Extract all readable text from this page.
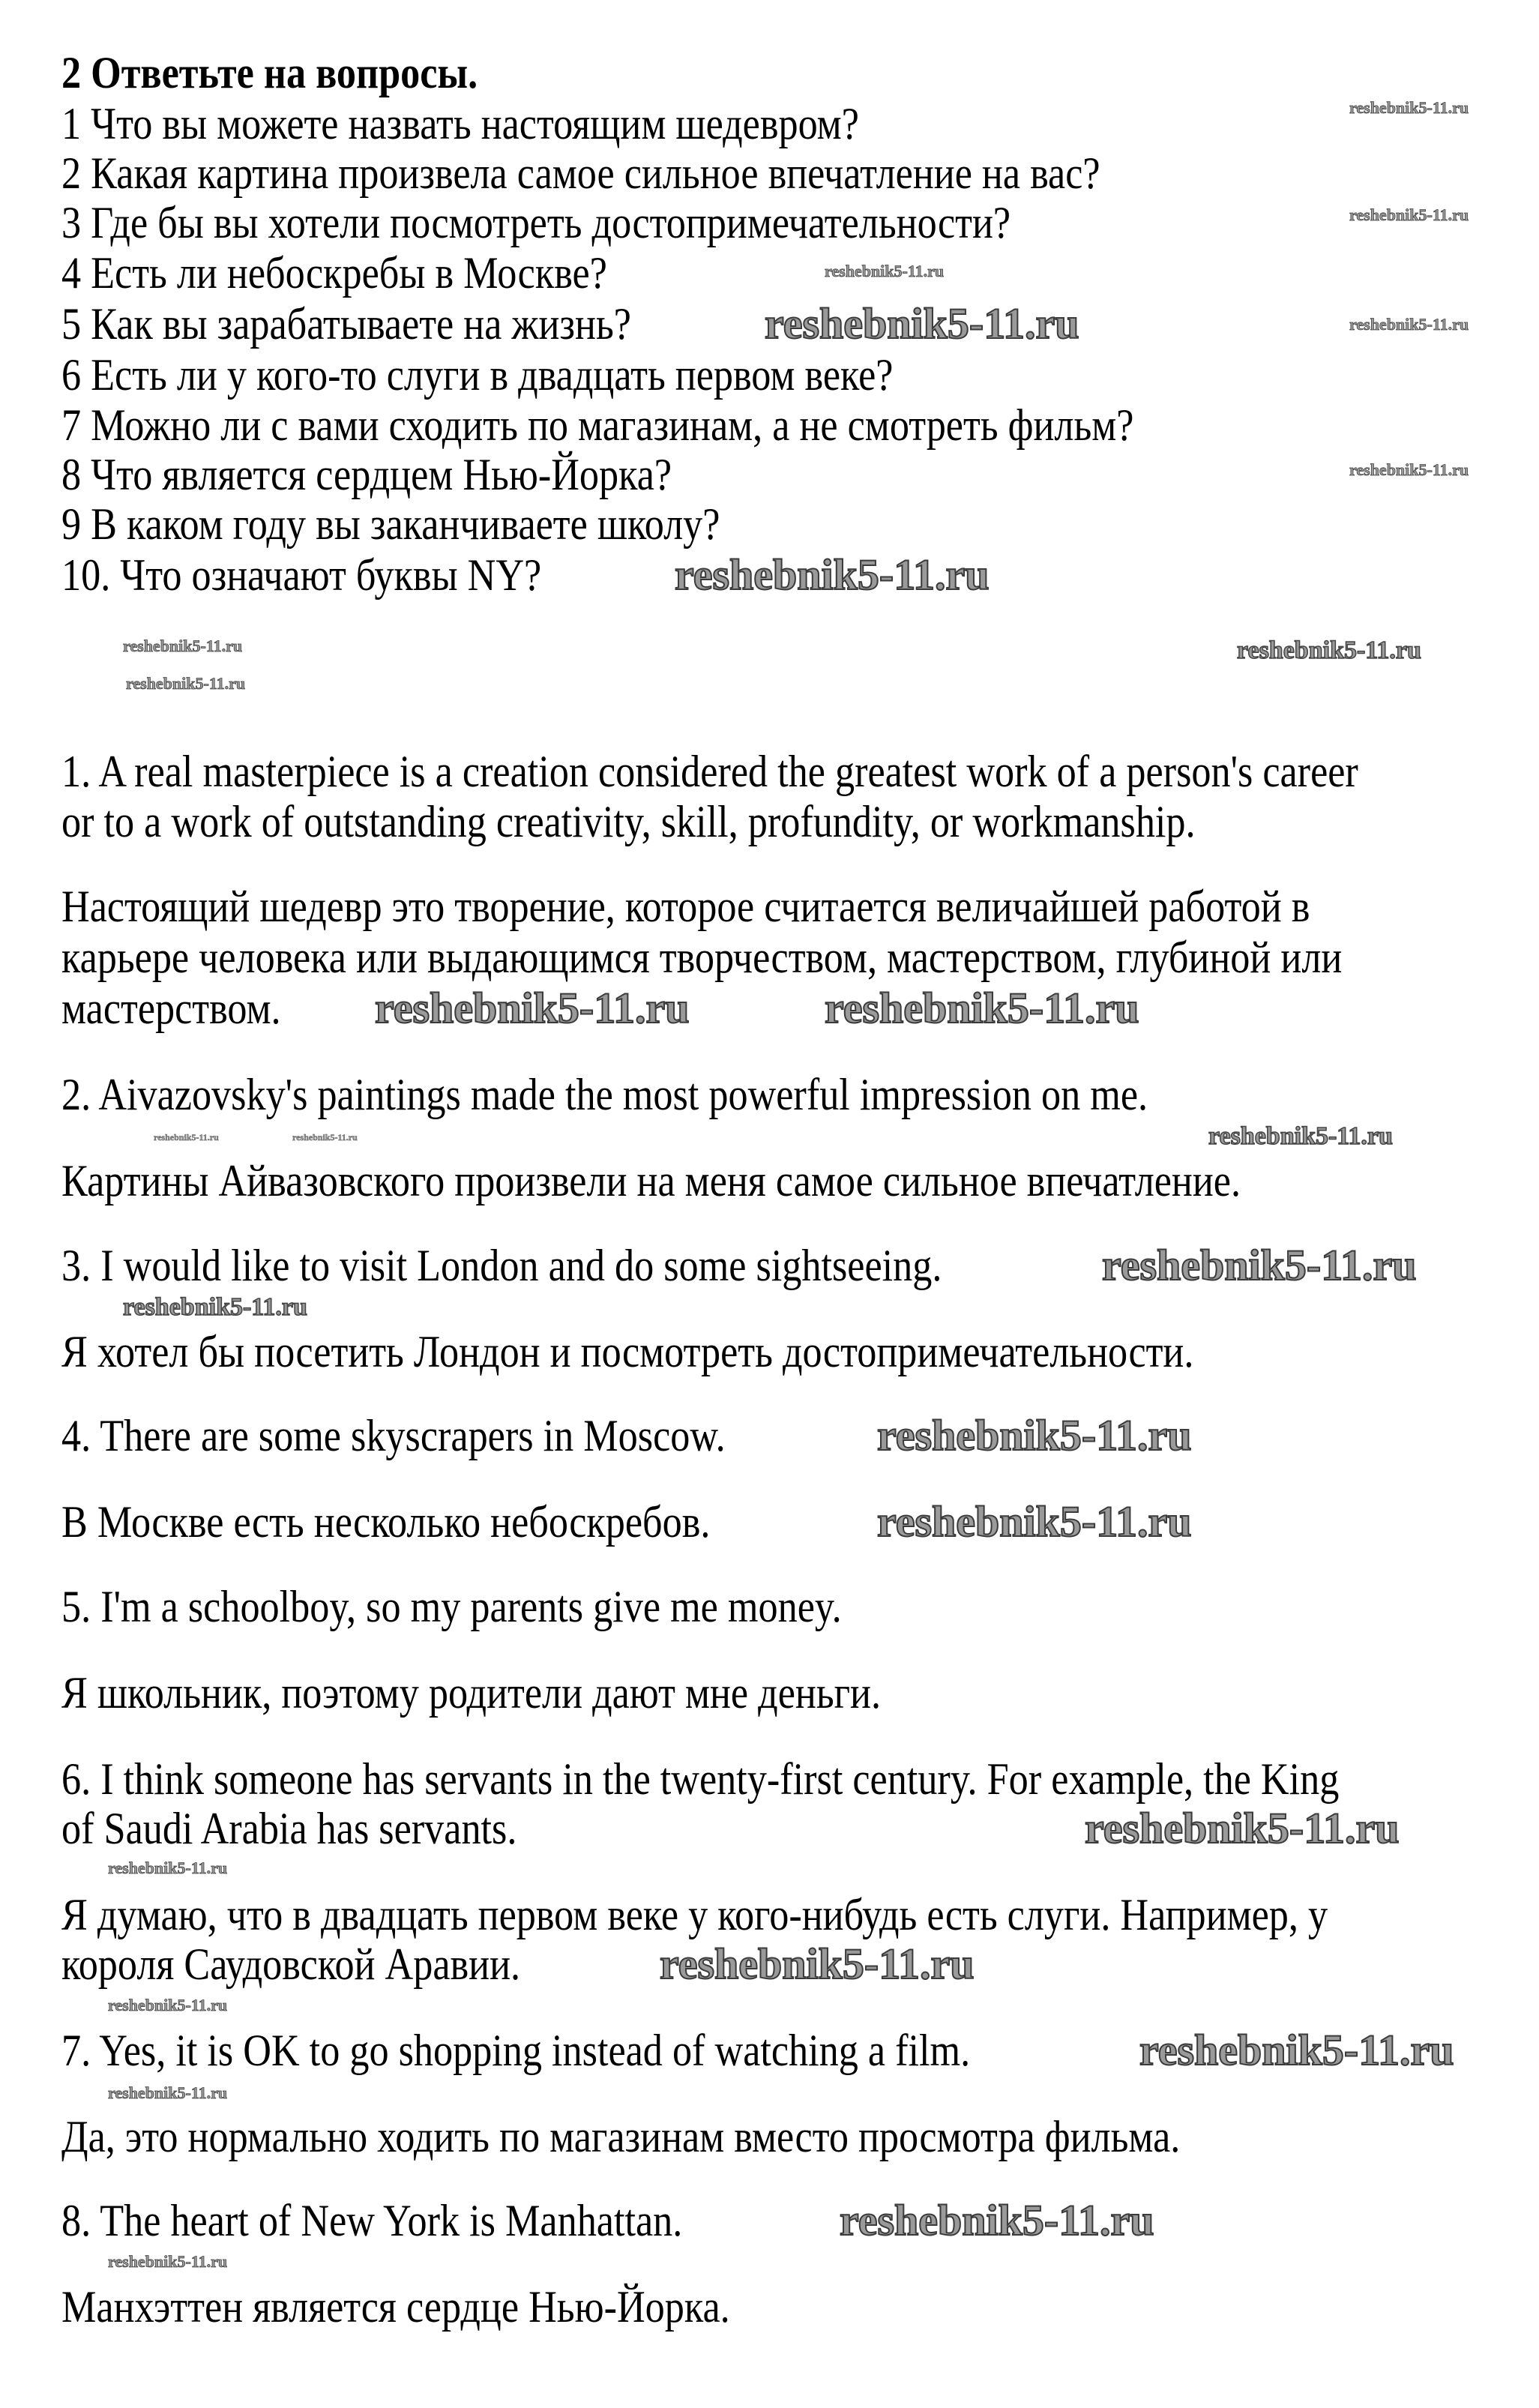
2 Ответьте на вопросы.
1 Что вы можете назвать настоящим шедевром?
2 Какая картина произвела самое сильное впечатление на вас?
3 Где бы вы хотели посмотреть достопримечательности?
4 Есть ли небоскребы в Москве?
5 Как вы зарабатываете на жизнь?
6 Есть ли у кого-то слуги в двадцать первом веке?
7 Можно ли с вами сходить по магазинам, а не смотреть фильм?
8 Что является сердцем Нью-Йорка?
9 В каком году вы заканчиваете школу?
10. Что означают буквы NY?
1. A real masterpiece is a creation considered the greatest work of a person's career
or to a work of outstanding creativity, skill, profundity, or workmanship.
Настоящий шедевр это творение, которое считается величайшей работой в
карьере человека или выдающимся творчеством, мастерством, глубиной или
мастерством.
2. Aivazovsky's paintings made the most powerful impression on me.
Картины Айвазовского произвели на меня самое сильное впечатление.
3. I would like to visit London and do some sightseeing.
Я хотел бы посетить Лондон и посмотреть достопримечательности.
4. There are some skyscrapers in Moscow.
В Москве есть несколько небоскребов.
5. I'm a schoolboy, so my parents give me money.
Я школьник, поэтому родители дают мне деньги.
6. I think someone has servants in the twenty-first century. For example, the King
of Saudi Arabia has servants.
Я думаю, что в двадцать первом веке у кого-нибудь есть слуги. Например, у
короля Саудовской Аравии.
7. Yes, it is OK to go shopping instead of watching a film.
Да, это нормально ходить по магазинам вместо просмотра фильма.
8. The heart of New York is Manhattan.
Манхэттен является сердце Нью-Йорка.
reshebnik5-11.ru
reshebnik5-11.ru
reshebnik5-11.ru	reshebnik5-11.ru
reshebnik5-11.ru
reshebnik5-11.ru
reshebnik5-11.ru
reshebnik5-11.ru
reshebnik5-11.ru
reshebnik5-11.ru
reshebnik5-11.ru
reshebnik5-11.ru
reshebnik5-11.ru
reshebnik5-11.ru
reshebnik5-11.ru
reshebnik5-11.ru
reshebnik5-11.ru
reshebnik5-11.ru
reshebnik5-11.ru
reshebnik5-11.ru
reshebnik5-11.ru	reshebnik5-11.ru
reshebnik5-11.ru
reshebnik5-11.ru
reshebnik5-11.ru
reshebnik5-11.ru
reshebnik5-11.ru
